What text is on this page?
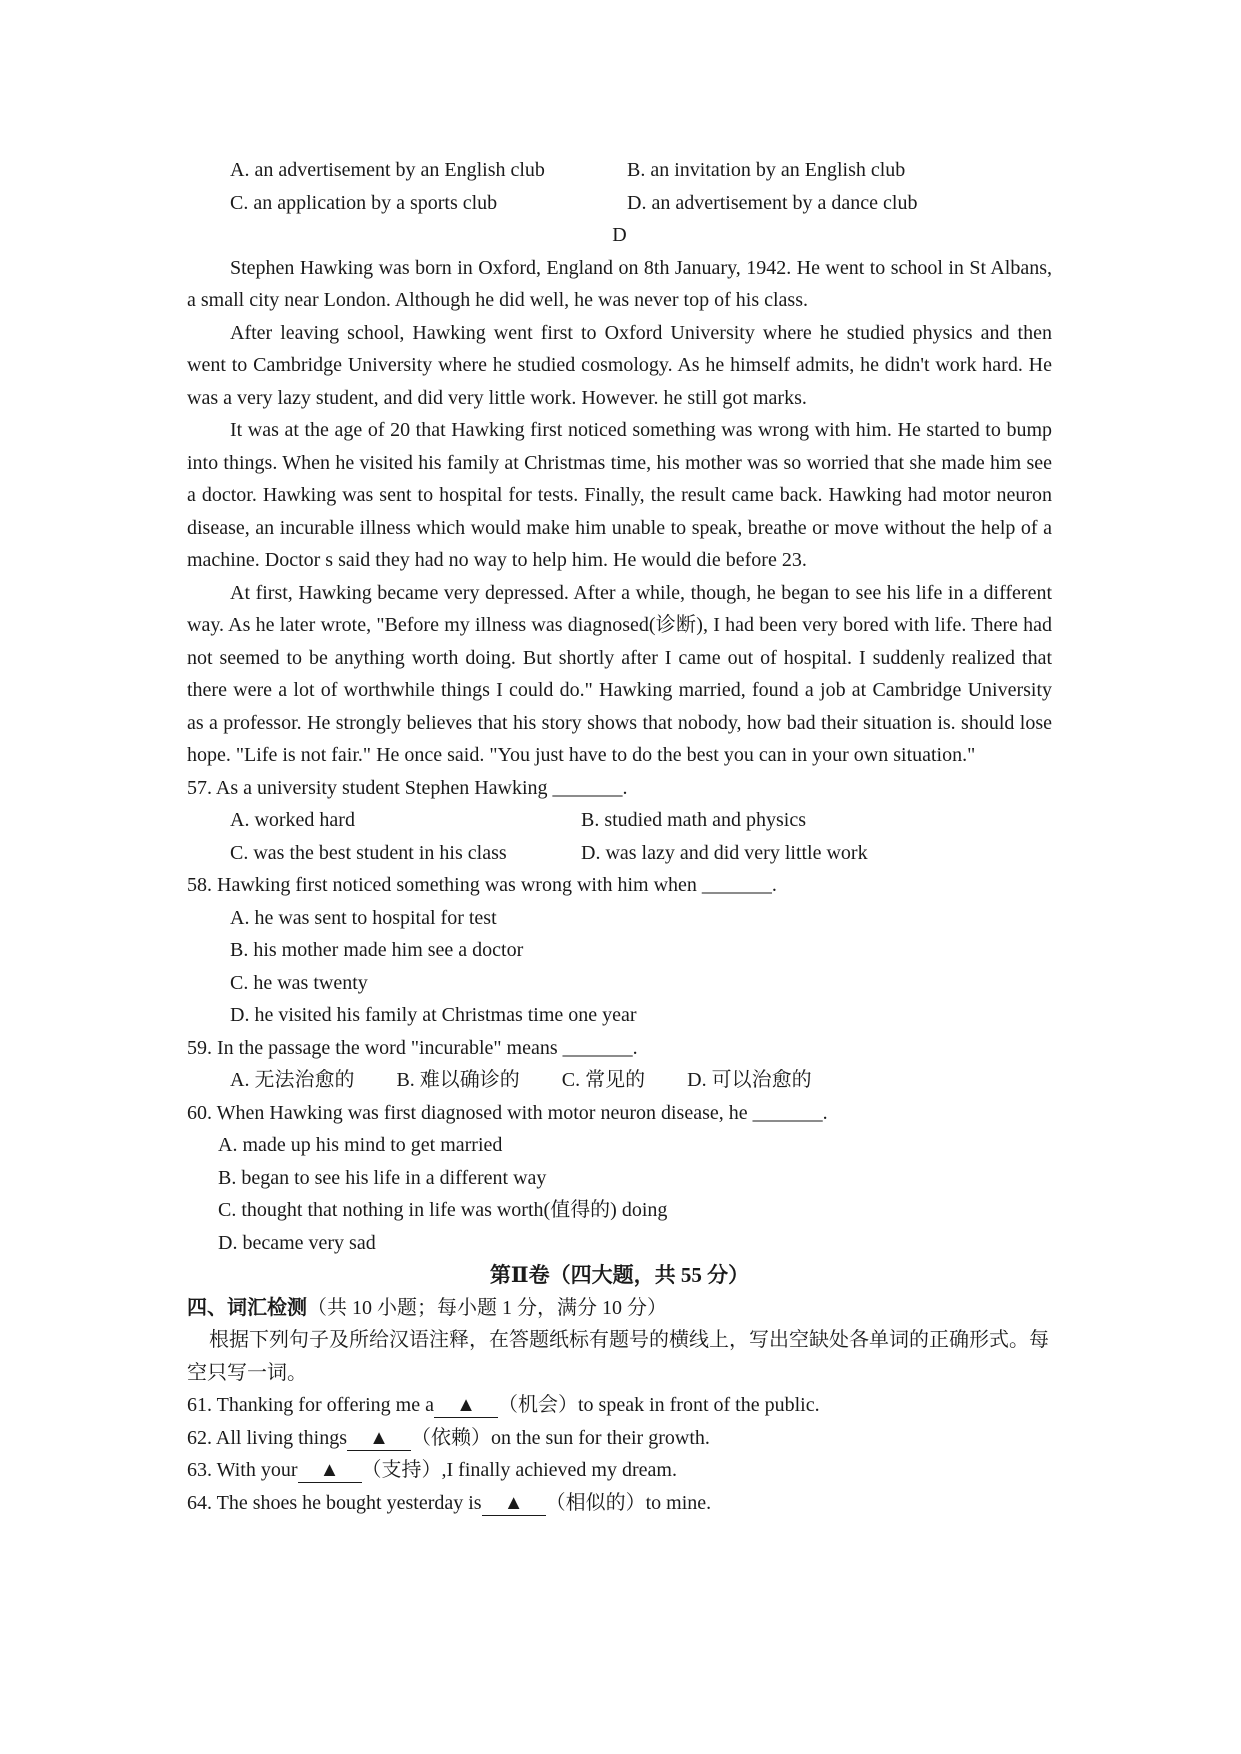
A. an advertisement by an English club	B. an invitation by an English club
C. an application by a sports club	D. an advertisement by a dance club
D
Stephen Hawking was born in Oxford, England on 8th January, 1942. He went to school in St Albans, a small city near London. Although he did well, he was never top of his class.
After leaving school, Hawking went first to Oxford University where he studied physics and then went to Cambridge University where he studied cosmology. As he himself admits, he didn't work hard. He was a very lazy student, and did very little work. However. he still got marks.
It was at the age of 20 that Hawking first noticed something was wrong with him. He started to bump into things. When he visited his family at Christmas time, his mother was so worried that she made him see a doctor. Hawking was sent to hospital for tests. Finally, the result came back. Hawking had motor neuron disease, an incurable illness which would make him unable to speak, breathe or move without the help of a machine. Doctor s said they had no way to help him. He would die before 23.
At first, Hawking became very depressed. After a while, though, he began to see his life in a different way. As he later wrote, "Before my illness was diagnosed(诊断), I had been very bored with life. There had not seemed to be anything worth doing. But shortly after I came out of hospital. I suddenly realized that there were a lot of worthwhile things I could do." Hawking married, found a job at Cambridge University as a professor. He strongly believes that his story shows that nobody, how bad their situation is. should lose hope. "Life is not fair." He once said. "You just have to do the best you can in your own situation."
57. As a university student Stephen Hawking _______.
A. worked hard	B. studied math and physics
C. was the best student in his class	D. was lazy and did very little work
58. Hawking first noticed something was wrong with him when _______.
A. he was sent to hospital for test
B. his mother made him see a doctor
C. he was twenty
D. he visited his family at Christmas time one year
59. In the passage the word "incurable" means _______.
A. 无法治愈的 B. 难以确诊的 C. 常见的 D. 可以治愈的
60. When Hawking was first diagnosed with motor neuron disease, he _______.
A. made up his mind to get married
B. began to see his life in a different way
C. thought that nothing in life was worth(值得的) doing
D. became very sad
第Ⅱ卷（四大题，共 55 分）
四、词汇检测（共 10 小题；每小题 1 分，满分 10 分）
根据下列句子及所给汉语注释，在答题纸标有题号的横线上，写出空缺处各单词的正确形式。每空只写一词。
61. Thanking for offering me a ▲ （机会）to speak in front of the public.
62. All living things ▲ （依赖）on the sun for their growth.
63. With your ▲ （支持）,I finally achieved my dream.
64. The shoes he bought yesterday is ▲ （相似的）to mine.
